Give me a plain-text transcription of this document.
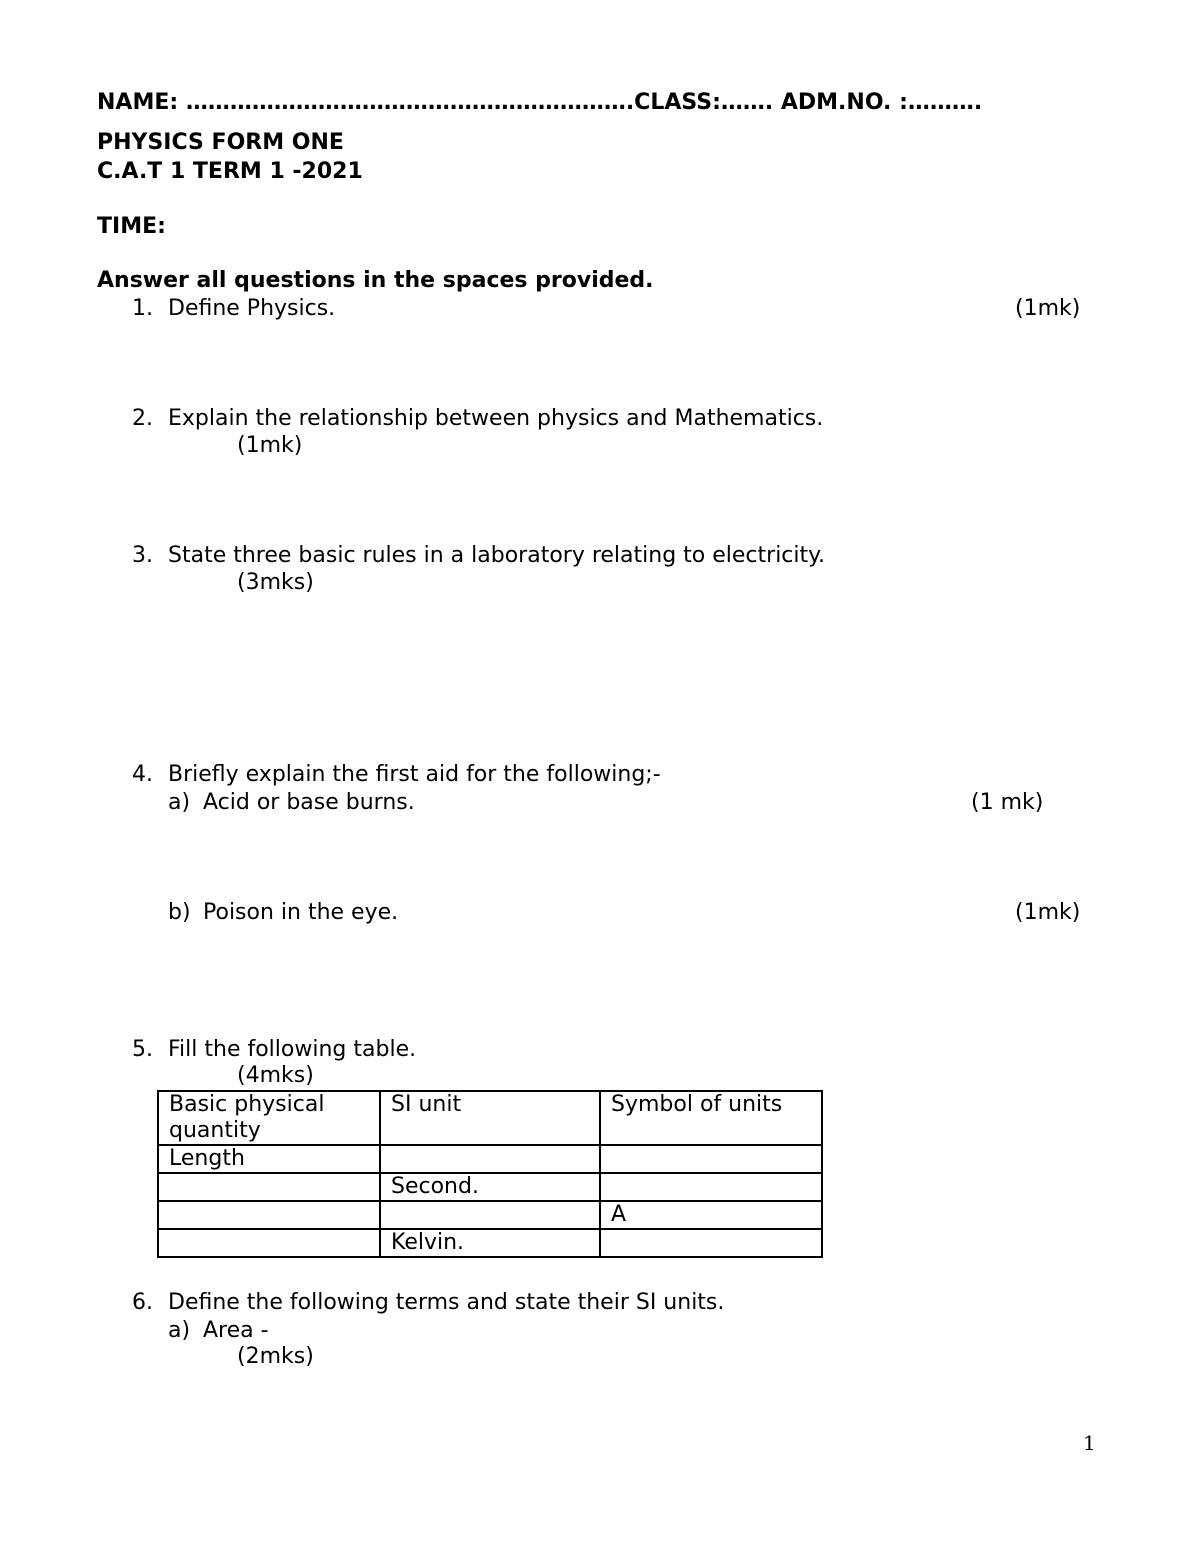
NAME: …………………………………………………….CLASS:……. ADM.NO. :……….
PHYSICS FORM ONE
C.A.T 1 TERM 1 -2021
TIME:
Answer all questions in the spaces provided.
1. Define Physics.	(1mk)
2. Explain the relationship between physics and Mathematics.
(1mk)
3. State three basic rules in a laboratory relating to electricity.
(3mks)
4. Briefly explain the first aid for the following;-
a) Acid or base burns.	(1 mk)
b) Poison in the eye.	(1mk)
5. Fill the following table.
(4mks)
Basic physical quantity	SI unit	Symbol of units
Length		
	Second.	
		A
	Kelvin.	
6. Define the following terms and state their SI units.
a) Area -
(2mks)
1
